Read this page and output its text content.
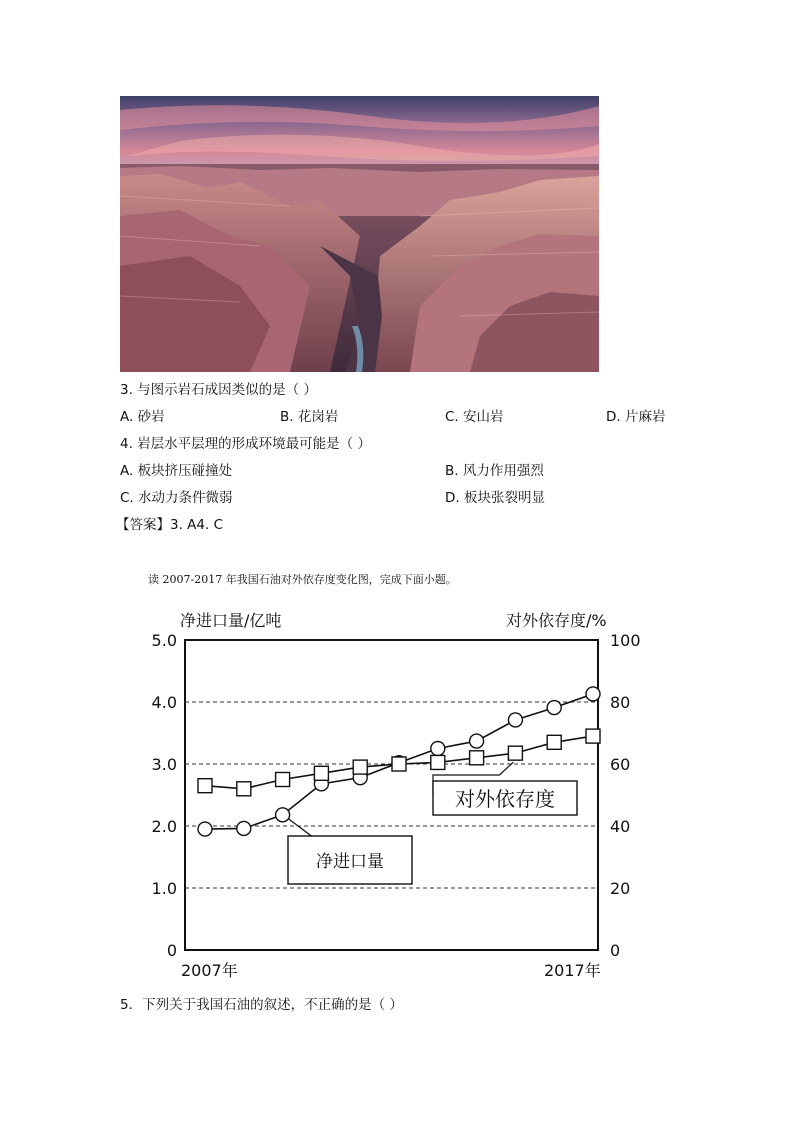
3. 与图示岩石成因类似的是（ ）
A. 砂岩	B. 花岗岩	C. 安山岩	D. 片麻岩
4. 岩层水平层理的形成环境最可能是（ ）
A. 板块挤压碰撞处	B. 风力作用强烈
C. 水动力条件微弱	D. 板块张裂明显
【答案】3. A4. C
读 2007-2017 年我国石油对外依存度变化图，完成下面小题。
净进口量/亿吨	对外依存度/%
0
1.0
2.0
3.0
4.0
5.0
0
20
40
60
80
100
净进口量
对外依存度
2007年	2017年
5．下列关于我国石油的叙述，不正确的是（ ）
